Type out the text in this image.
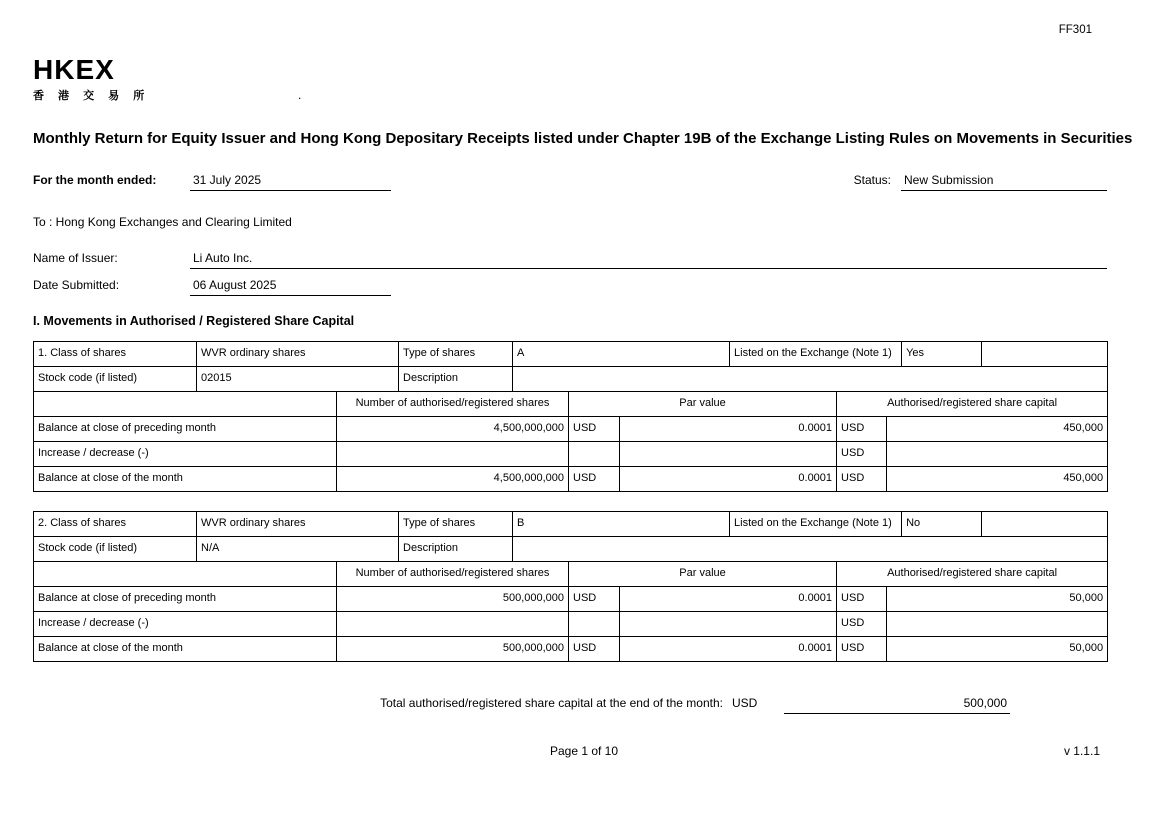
FF301
.
HKEX
香 港 交 易 所
Monthly Return for Equity Issuer and Hong Kong Depositary Receipts listed under Chapter 19B of the Exchange Listing Rules on Movements in Securities
For the month ended:	31 July 2025	Status: New Submission
To : Hong Kong Exchanges and Clearing Limited
Name of Issuer:	Li Auto Inc.
Date Submitted:	06 August 2025
I. Movements in Authorised / Registered Share Capital
1. Class of shares	WVR ordinary shares		Type of shares	A			Listed on the Exchange (Note 1)			Yes	
Stock code (if listed)	02015		Description								
		Number of authorised/registered shares			Par value			Authorised/registered share capital			
Balance at close of preceding month		4,500,000,000			USD	0.0001		USD	450,000		
Increase / decrease (-)								USD			
Balance at close of the month		4,500,000,000			USD	0.0001		USD	450,000		
2. Class of shares	WVR ordinary shares		Type of shares	B			Listed on the Exchange (Note 1)			No	
Stock code (if listed)	N/A		Description								
		Number of authorised/registered shares			Par value			Authorised/registered share capital			
Balance at close of preceding month		500,000,000			USD	0.0001		USD	50,000		
Increase / decrease (-)								USD			
Balance at close of the month		500,000,000			USD	0.0001		USD	50,000		
Total authorised/registered share capital at the end of the month: USD	500,000
Page 1 of 10	v 1.1.1
